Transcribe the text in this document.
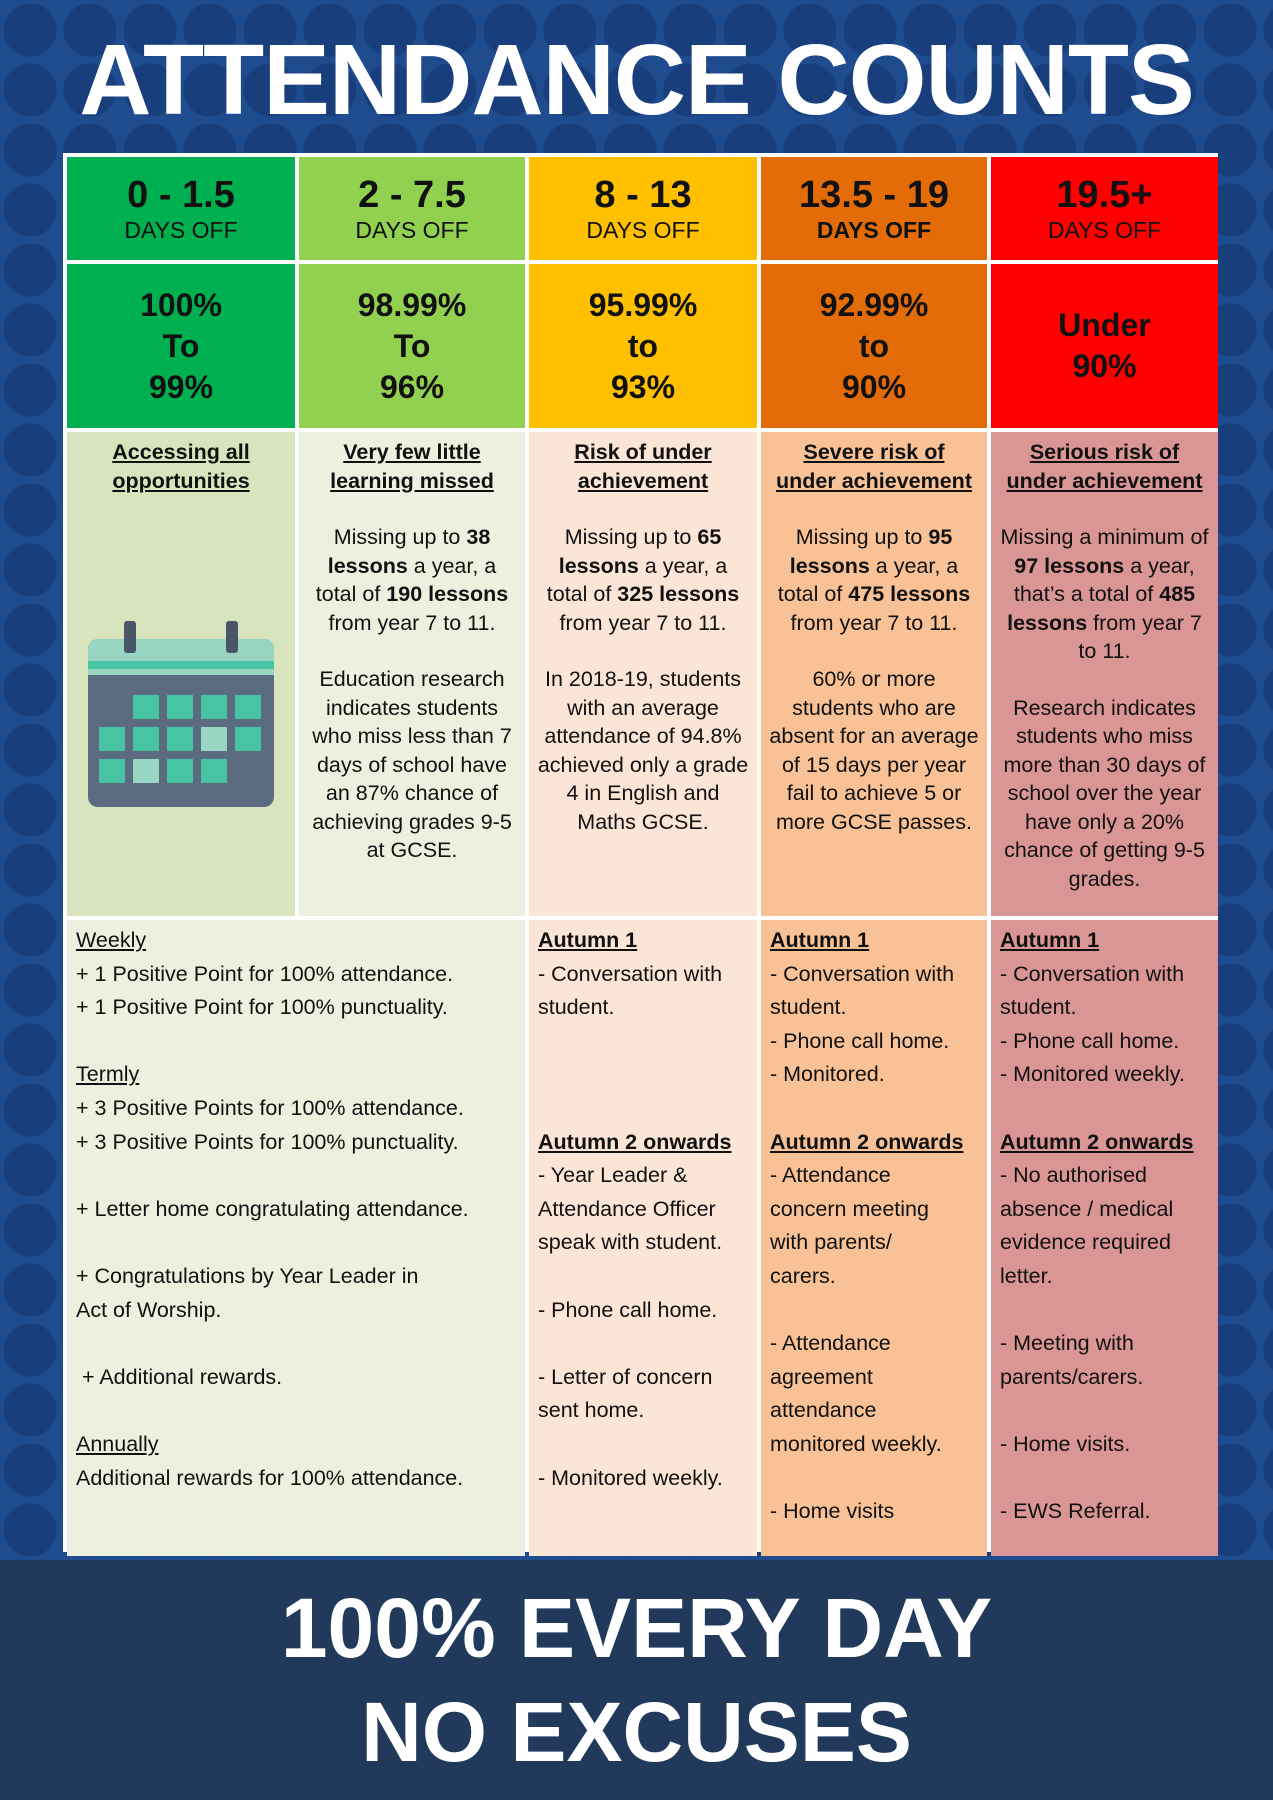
ATTENDANCE COUNTS
0 - 1.5
DAYS OFF
2 - 7.5
DAYS OFF
8 - 13
DAYS OFF
13.5 - 19
DAYS OFF
19.5+
DAYS OFF
100%
To
99%
98.99%
To
96%
95.99%
to
93%
92.99%
to
90%
Under
90%
Accessing all
opportunities
Very few little
learning missed

Missing up to 38 lessons a year, a total of 190 lessons from year 7 to 11.

Education research indicates students who miss less than 7 days of school have an 87% chance of achieving grades 9-5 at GCSE.

Risk of under
achievement

Missing up to 65 lessons a year, a total of 325 lessons from year 7 to 11.

In 2018-19, students with an average attendance of 94.8% achieved only a grade 4 in English and Maths GCSE.

Severe risk of
under achievement

Missing up to 95 lessons a year, a total of 475 lessons from year 7 to 11.

60% or more students who are absent for an average of 15 days per year fail to achieve 5 or more GCSE passes.

Serious risk of
under achievement

Missing a minimum of 97 lessons a year, that’s a total of 485 lessons from year 7 to 11.

Research indicates students who miss more than 30 days of school over the year have only a 20% chance of getting 9-5 grades.

Weekly
+ 1 Positive Point for 100% attendance.
+ 1 Positive Point for 100% punctuality.
Termly
+ 3 Positive Points for 100% attendance.
+ 3 Positive Points for 100% punctuality.
+ Letter home congratulating attendance.
+ Congratulations by Year Leader in
Act of Worship.
+ Additional rewards.
Annually
Additional rewards for 100% attendance.
Autumn 1
- Conversation with
student.
Autumn 2 onwards
- Year Leader &
Attendance Officer
speak with student.

- Phone call home.

- Letter of concern
sent home.

- Monitored weekly.
Autumn 1
- Conversation with
student.
- Phone call home.
- Monitored.
Autumn 2 onwards
- Attendance
concern meeting
with parents/
carers.

- Attendance
agreement
attendance
monitored weekly.

- Home visits
Autumn 1
- Conversation with
student.
- Phone call home.
- Monitored weekly.
Autumn 2 onwards
- No authorised
absence / medical
evidence required
letter.

- Meeting with
parents/carers.

- Home visits.

- EWS Referral.
100% EVERY DAY
NO EXCUSES
